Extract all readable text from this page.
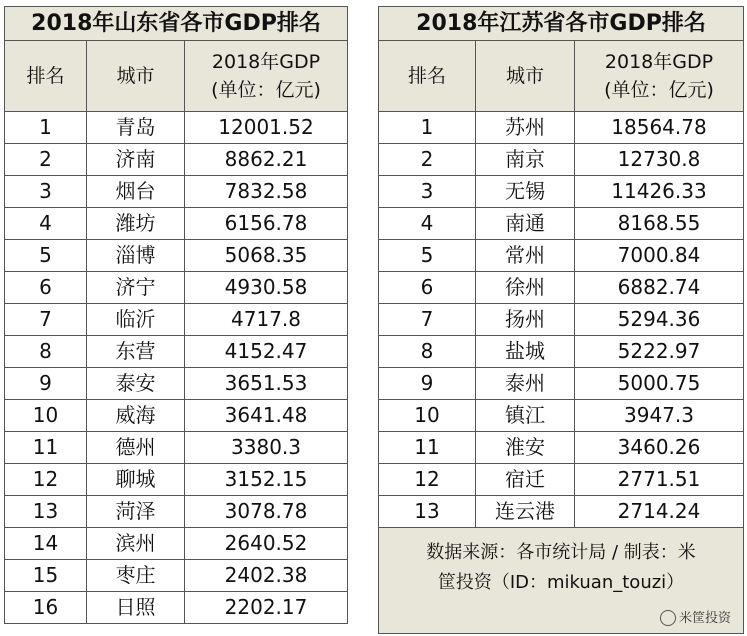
2018年山东省各市GDP排名		
排名	城市	2018年GDP
(单位：亿元)
1	青岛	12001.52
2	济南	8862.21
3	烟台	7832.58
4	潍坊	6156.78
5	淄博	5068.35
6	济宁	4930.58
7	临沂	4717.8
8	东营	4152.47
9	泰安	3651.53
10	威海	3641.48
11	德州	3380.3
12	聊城	3152.15
13	菏泽	3078.78
14	滨州	2640.52
15	枣庄	2402.38
16	日照	2202.17
2018年江苏省各市GDP排名		
排名	城市	2018年GDP
(单位：亿元)
1	苏州	18564.78
2	南京	12730.8
3	无锡	11426.33
4	南通	8168.55
5	常州	7000.84
6	徐州	6882.74
7	扬州	5294.36
8	盐城	5222.97
9	泰州	5000.75
10	镇江	3947.3
11	淮安	3460.26
12	宿迁	2771.51
13	连云港	2714.24
数据来源：各市统计局 / 制表：米
筐投资（ID：mikuan_touzi）		
米筐投资
